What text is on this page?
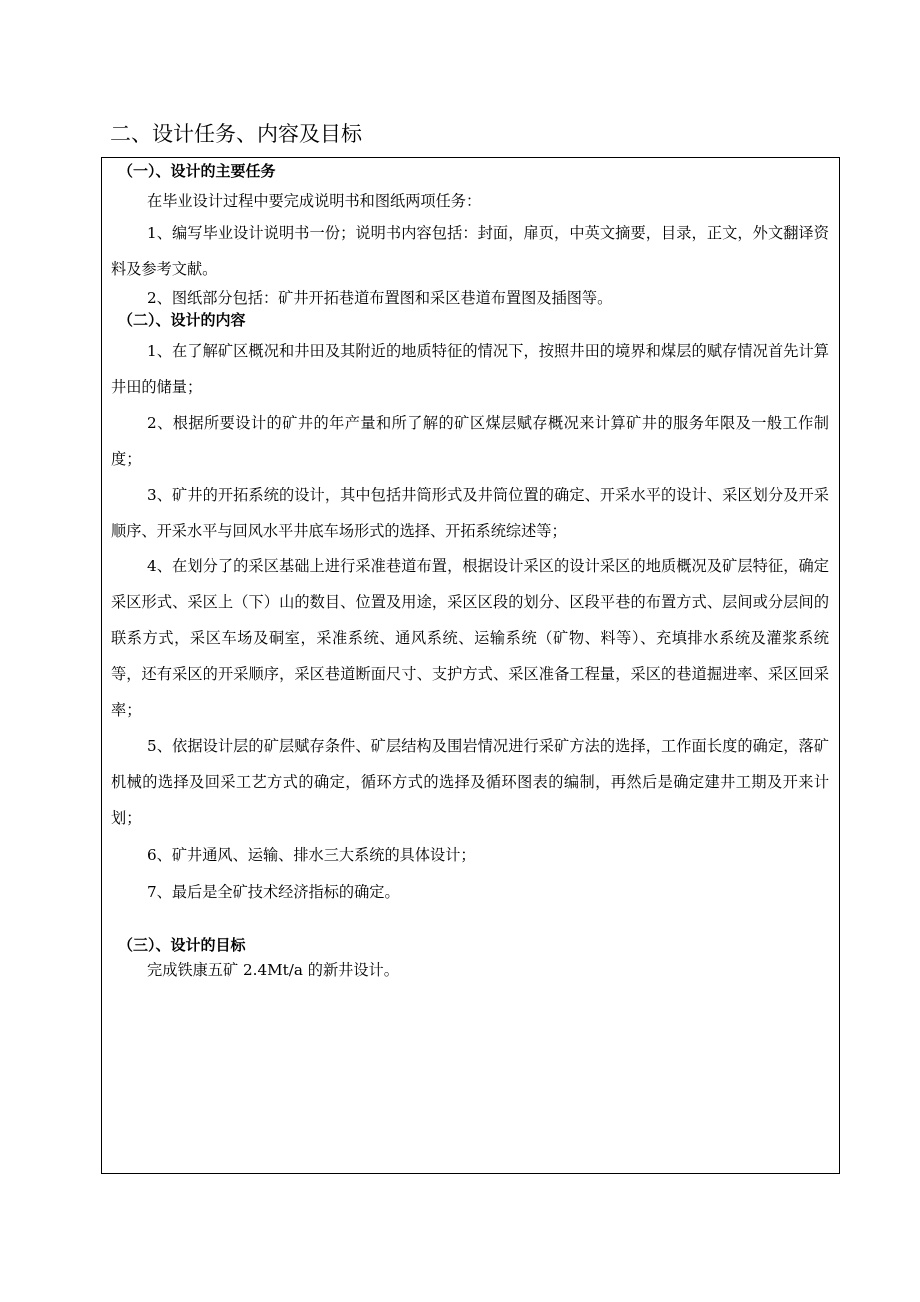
二、设计任务、内容及目标
（一）、设计的主要任务

在毕业设计过程中要完成说明书和图纸两项任务：

1、编写毕业设计说明书一份；说明书内容包括：封面，扉页，中英文摘要，目录，正文，外文翻译资料及参考文献。

2、图纸部分包括：矿井开拓巷道布置图和采区巷道布置图及插图等。

（二）、设计的内容

1、在了解矿区概况和井田及其附近的地质特征的情况下，按照井田的境界和煤层的赋存情况首先计算井田的储量；

2、根据所要设计的矿井的年产量和所了解的矿区煤层赋存概况来计算矿井的服务年限及一般工作制度；

3、矿井的开拓系统的设计，其中包括井筒形式及井筒位置的确定、开采水平的设计、采区划分及开采顺序、开采水平与回风水平井底车场形式的选择、开拓系统综述等；

4、在划分了的采区基础上进行采准巷道布置，根据设计采区的设计采区的地质概况及矿层特征，确定采区形式、采区上（下）山的数目、位置及用途，采区区段的划分、区段平巷的布置方式、层间或分层间的联系方式，采区车场及硐室，采准系统、通风系统、运输系统（矿物、料等）、充填排水系统及灌浆系统等，还有采区的开采顺序，采区巷道断面尺寸、支护方式、采区准备工程量，采区的巷道掘进率、采区回采率；

5、依据设计层的矿层赋存条件、矿层结构及围岩情况进行采矿方法的选择，工作面长度的确定，落矿机械的选择及回采工艺方式的确定，循环方式的选择及循环图表的编制，再然后是确定建井工期及开来计划；

6、矿井通风、运输、排水三大系统的具体设计；

7、最后是全矿技术经济指标的确定。

（三）、设计的目标
完成铁康五矿 2.4Mt/a 的新井设计。
